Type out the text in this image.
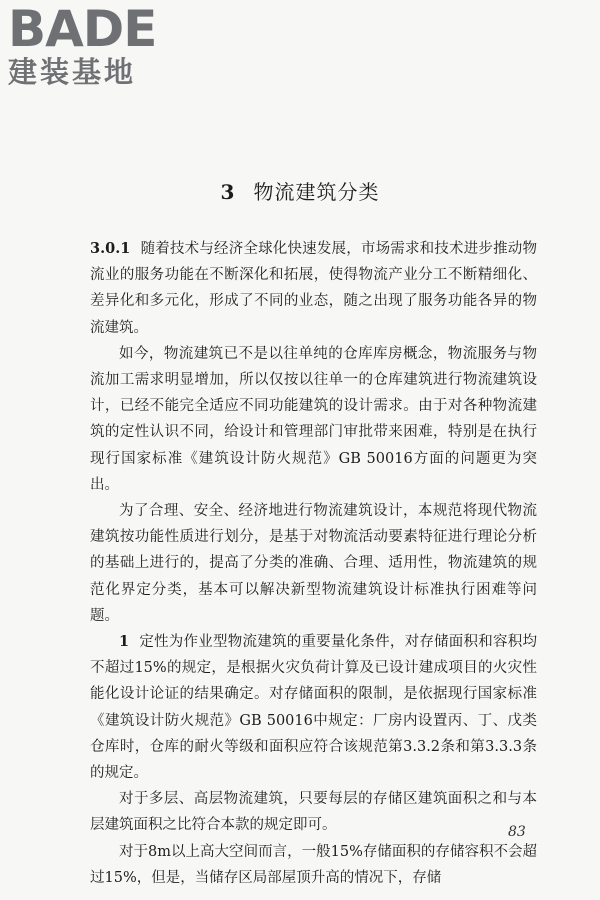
BADE
建装基地
3 物流建筑分类

3.0.1 随着技术与经济全球化快速发展，市场需求和技术进步推动物流业的服务功能在不断深化和拓展，使得物流产业分工不断精细化、差异化和多元化，形成了不同的业态，随之出现了服务功能各异的物流建筑。

如今，物流建筑已不是以往单纯的仓库库房概念，物流服务与物流加工需求明显增加，所以仅按以往单一的仓库建筑进行物流建筑设计，已经不能完全适应不同功能建筑的设计需求。由于对各种物流建筑的定性认识不同，给设计和管理部门审批带来困难，特别是在执行现行国家标准《建筑设计防火规范》GB 50016方面的问题更为突出。

为了合理、安全、经济地进行物流建筑设计，本规范将现代物流建筑按功能性质进行划分，是基于对物流活动要素特征进行理论分析的基础上进行的，提高了分类的准确、合理、适用性，物流建筑的规范化界定分类，基本可以解决新型物流建筑设计标准执行困难等问题。

1 定性为作业型物流建筑的重要量化条件，对存储面积和容积均不超过15%的规定，是根据火灾负荷计算及已设计建成项目的火灾性能化设计论证的结果确定。对存储面积的限制，是依据现行国家标准《建筑设计防火规范》GB 50016中规定：厂房内设置丙、丁、戊类仓库时，仓库的耐火等级和面积应符合该规范第3.3.2条和第3.3.3条的规定。

对于多层、高层物流建筑，只要每层的存储区建筑面积之和与本层建筑面积之比符合本款的规定即可。

对于8m以上高大空间而言，一般15%存储面积的存储容积不会超过15%，但是，当储存区局部屋顶升高的情况下，存储

83
